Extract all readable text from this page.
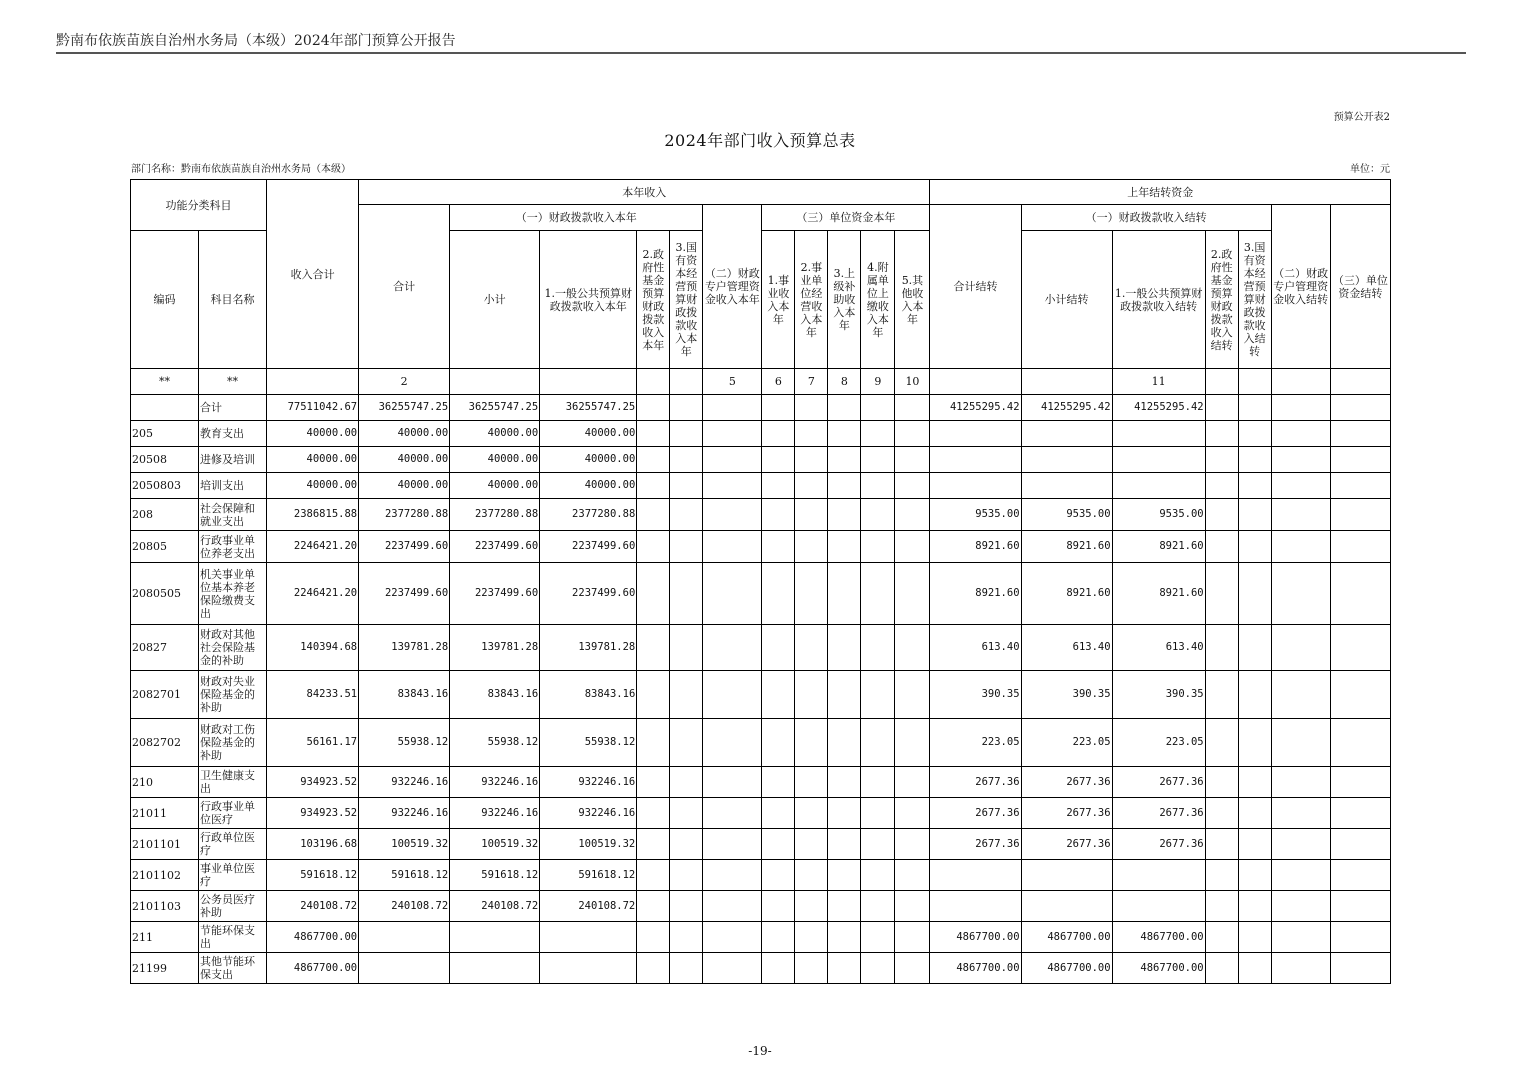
黔南布依族苗族自治州水务局（本级）2024年部门预算公开报告
预算公开表2
2024年部门收入预算总表
部门名称：黔南布依族苗族自治州水务局（本级）	单位：元
功能分类科目		收入合计	本年收入											上年结转资金						
			合计	（一）财政拨款收入本年				（二）财政专户管理资金收入本年	（三）单位资金本年					合计结转	（一）财政拨款收入结转				（二）财政专户管理资金收入结转	（三）单位资金结转
编码	科目名称			小计	1.一般公共预算财政拨款收入本年	2.政府性基金预算财政拨款收入本年	3.国有资本经营预算财政拨款收入本年		1.事业收入本年	2.事业单位经营收入本年	3.上级补助收入本年	4.附属单位上缴收入本年	5.其他收入本年		小计结转	1.一般公共预算财政拨款收入结转	2.政府性基金预算财政拨款收入结转	3.国有资本经营预算财政拨款收入结转		
**	**		2					5	6	7	8	9	10			11				
	合计	77511042.67	36255747.25	36255747.25	36255747.25									41255295.42	41255295.42	41255295.42				
205	教育支出	40000.00	40000.00	40000.00	40000.00															
20508	进修及培训	40000.00	40000.00	40000.00	40000.00															
2050803	培训支出	40000.00	40000.00	40000.00	40000.00															
208	社会保障和就业支出	2386815.88	2377280.88	2377280.88	2377280.88									9535.00	9535.00	9535.00				
20805	行政事业单位养老支出	2246421.20	2237499.60	2237499.60	2237499.60									8921.60	8921.60	8921.60				
2080505	机关事业单位基本养老保险缴费支出	2246421.20	2237499.60	2237499.60	2237499.60									8921.60	8921.60	8921.60				
20827	财政对其他社会保险基金的补助	140394.68	139781.28	139781.28	139781.28									613.40	613.40	613.40				
2082701	财政对失业保险基金的补助	84233.51	83843.16	83843.16	83843.16									390.35	390.35	390.35				
2082702	财政对工伤保险基金的补助	56161.17	55938.12	55938.12	55938.12									223.05	223.05	223.05				
210	卫生健康支出	934923.52	932246.16	932246.16	932246.16									2677.36	2677.36	2677.36				
21011	行政事业单位医疗	934923.52	932246.16	932246.16	932246.16									2677.36	2677.36	2677.36				
2101101	行政单位医疗	103196.68	100519.32	100519.32	100519.32									2677.36	2677.36	2677.36				
2101102	事业单位医疗	591618.12	591618.12	591618.12	591618.12															
2101103	公务员医疗补助	240108.72	240108.72	240108.72	240108.72															
211	节能环保支出	4867700.00												4867700.00	4867700.00	4867700.00				
21199	其他节能环保支出	4867700.00												4867700.00	4867700.00	4867700.00				
-19-
